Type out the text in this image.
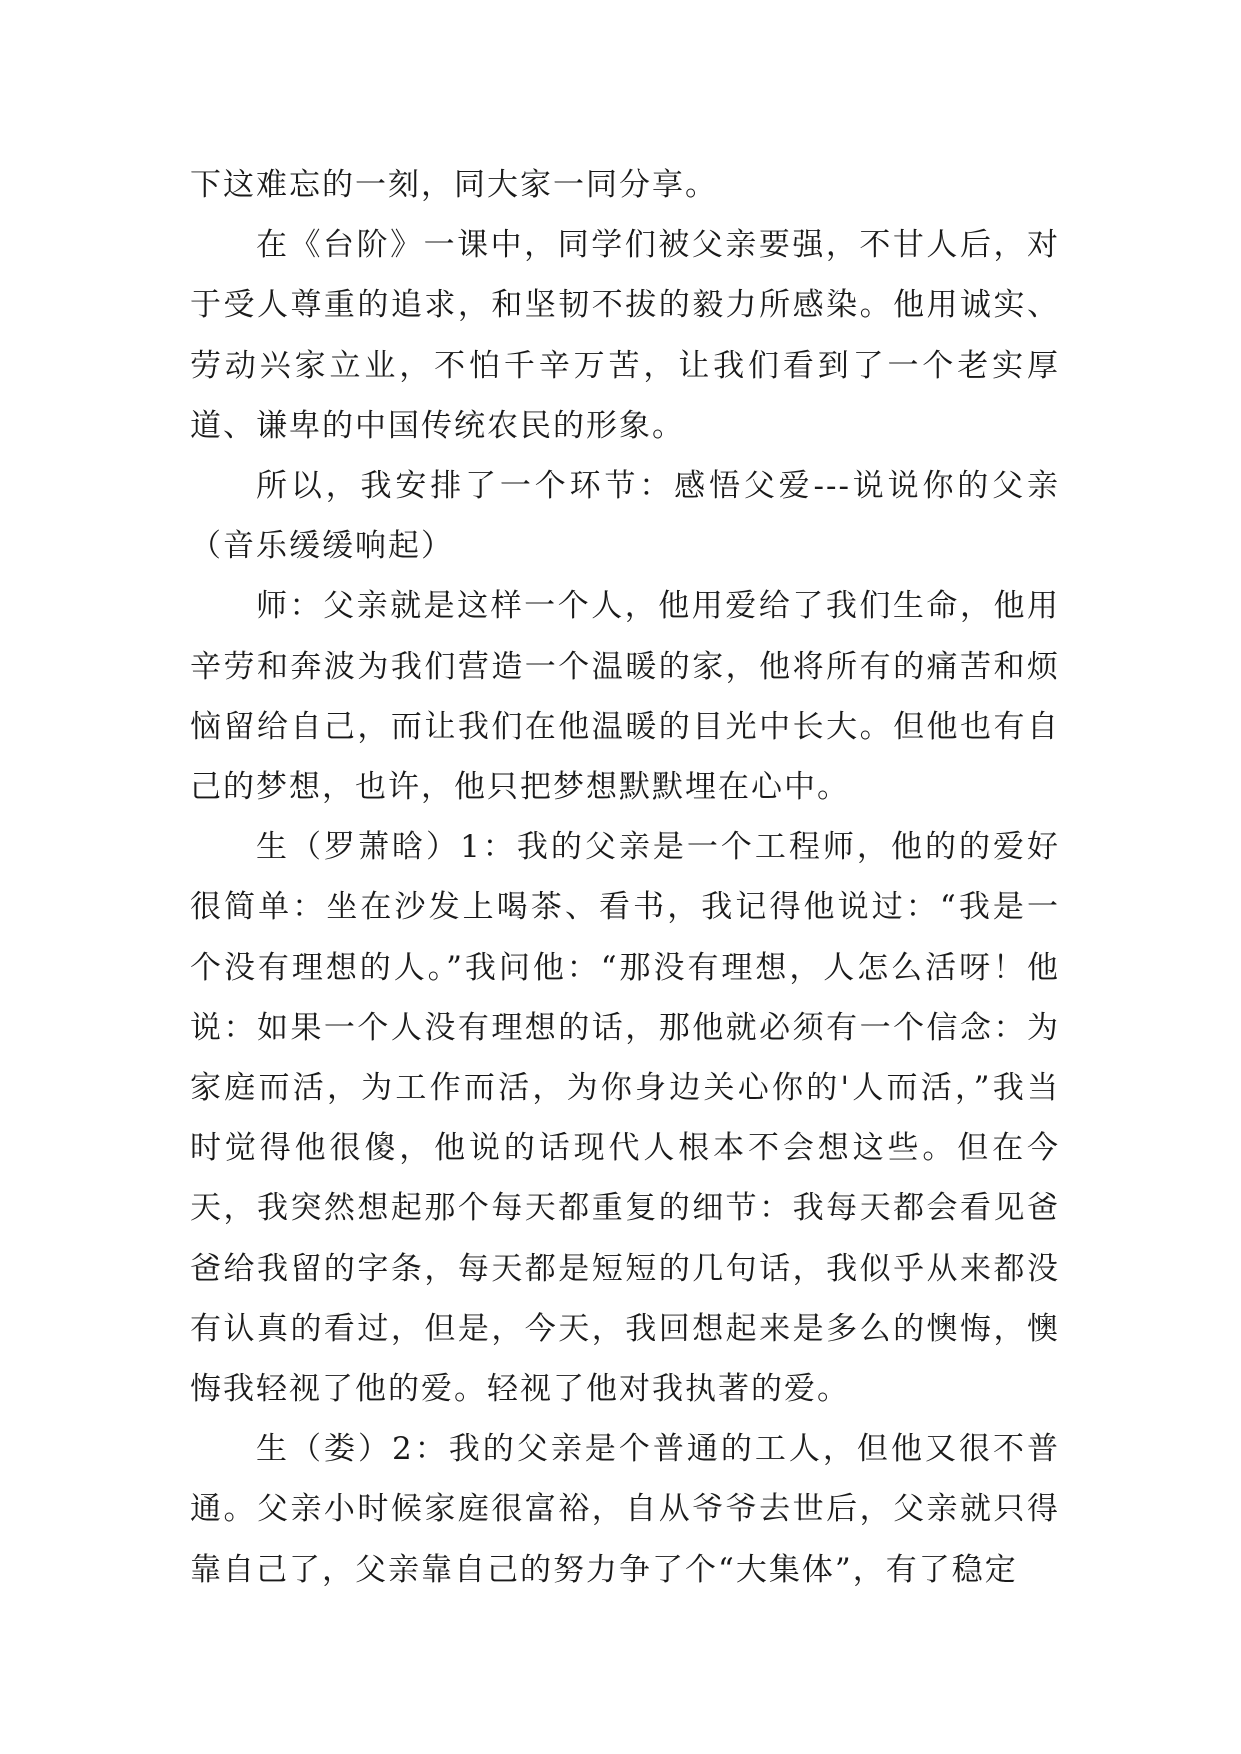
下这难忘的一刻，同大家一同分享。

在《台阶》一课中，同学们被父亲要强，不甘人后，对于受人尊重的追求，和坚韧不拔的毅力所感染。他用诚实、劳动兴家立业，不怕千辛万苦，让我们看到了一个老实厚道、谦卑的中国传统农民的形象。

所以，我安排了一个环节：感悟父爱---说说你的父亲（音乐缓缓响起）

师：父亲就是这样一个人，他用爱给了我们生命，他用辛劳和奔波为我们营造一个温暖的家，他将所有的痛苦和烦恼留给自己，而让我们在他温暖的目光中长大。但他也有自己的梦想，也许，他只把梦想默默埋在心中。

生（罗萧晗）1：我的父亲是一个工程师，他的的爱好很简单：坐在沙发上喝茶、看书，我记得他说过：“我是一个没有理想的人。”我问他：“那没有理想，人怎么活呀！他说：如果一个人没有理想的话，那他就必须有一个信念：为家庭而活，为工作而活，为你身边关心你的'人而活，”我当时觉得他很傻，他说的话现代人根本不会想这些。但在今天，我突然想起那个每天都重复的细节：我每天都会看见爸爸给我留的字条，每天都是短短的几句话，我似乎从来都没有认真的看过，但是，今天，我回想起来是多么的懊悔，懊悔我轻视了他的爱。轻视了他对我执著的爱。

生（娄）2：我的父亲是个普通的工人，但他又很不普通。父亲小时候家庭很富裕，自从爷爷去世后，父亲就只得靠自己了，父亲靠自己的努力争了个“大集体”，有了稳定
